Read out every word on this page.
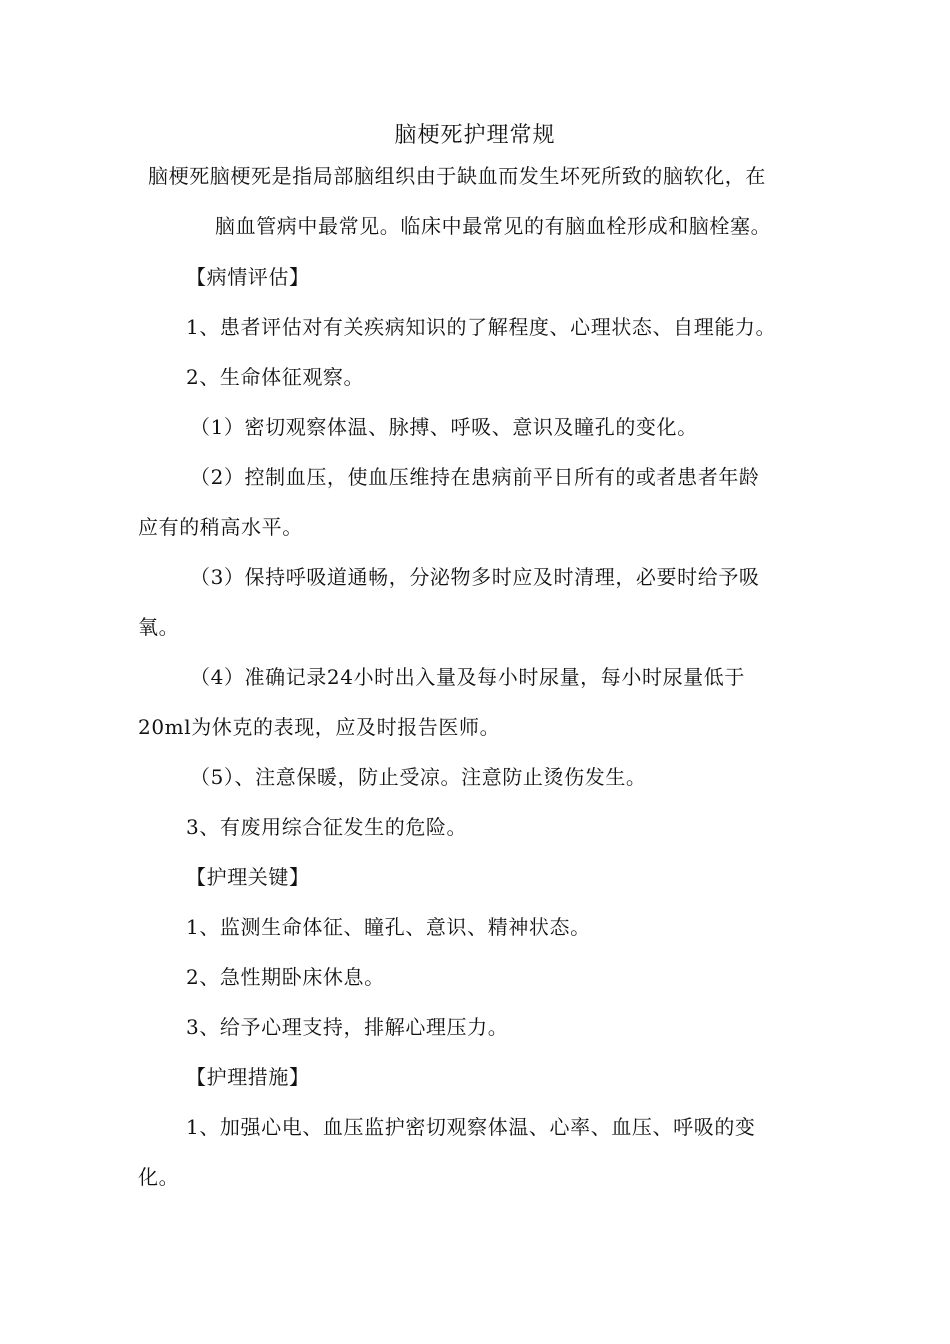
脑梗死护理常规
脑梗死脑梗死是指局部脑组织由于缺血而发生坏死所致的脑软化，在
脑血管病中最常见。临床中最常见的有脑血栓形成和脑栓塞。
【病情评估】
1、患者评估对有关疾病知识的了解程度、心理状态、自理能力。
2、生命体征观察。
（1）密切观察体温、脉搏、呼吸、意识及瞳孔的变化。
（2）控制血压，使血压维持在患病前平日所有的或者患者年龄
应有的稍高水平。
（3）保持呼吸道通畅，分泌物多时应及时清理，必要时给予吸
氧。
（4）准确记录24小时出入量及每小时尿量，每小时尿量低于
20ml为休克的表现，应及时报告医师。
（5）、注意保暖，防止受凉。注意防止烫伤发生。
3、有废用综合征发生的危险。
【护理关键】
1、监测生命体征、瞳孔、意识、精神状态。
2、急性期卧床休息。
3、给予心理支持，排解心理压力。
【护理措施】
1、加强心电、血压监护密切观察体温、心率、血压、呼吸的变
化。
